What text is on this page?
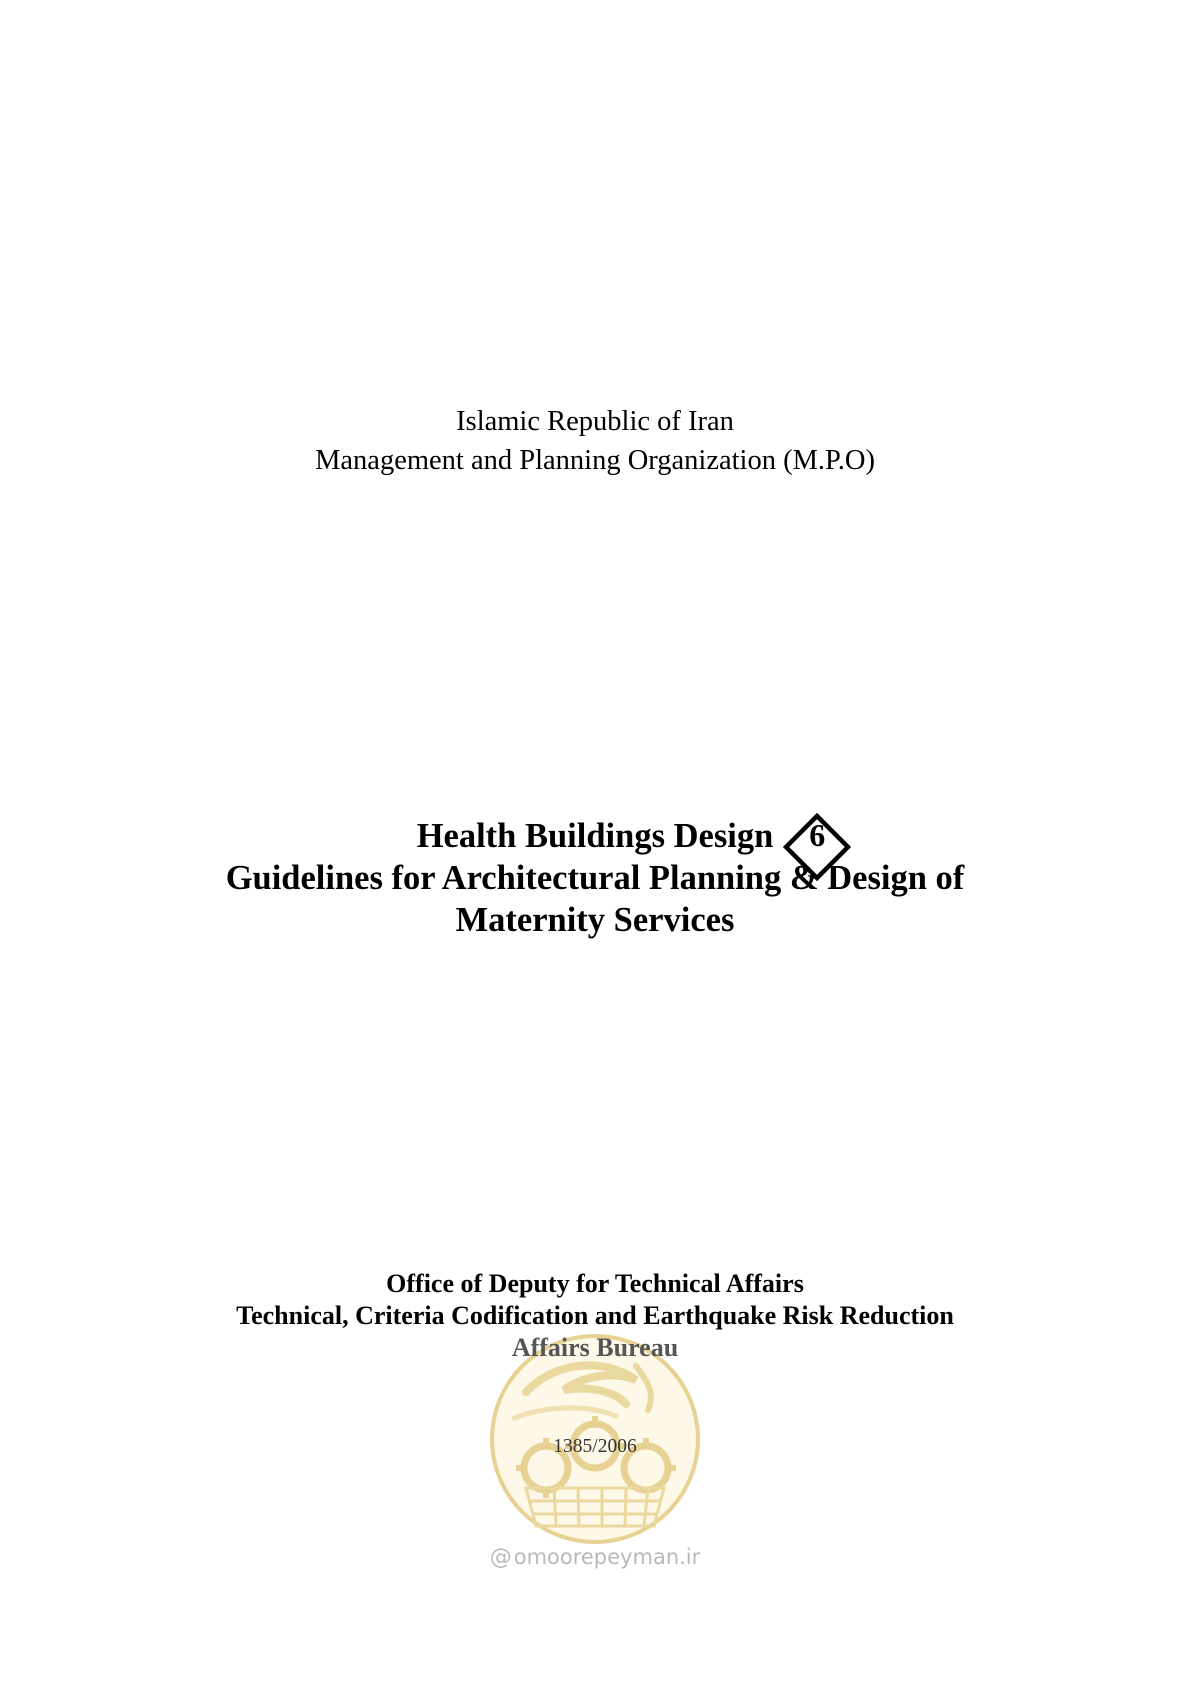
Islamic Republic of Iran
Management and Planning Organization (M.P.O)
Health Buildings Design	6
Guidelines for Architectural Planning & Design of
Maternity Services
Office of Deputy for Technical Affairs
Technical, Criteria Codification and Earthquake Risk Reduction
Affairs Bureau
1385/2006
@omoorepeyman.ir
